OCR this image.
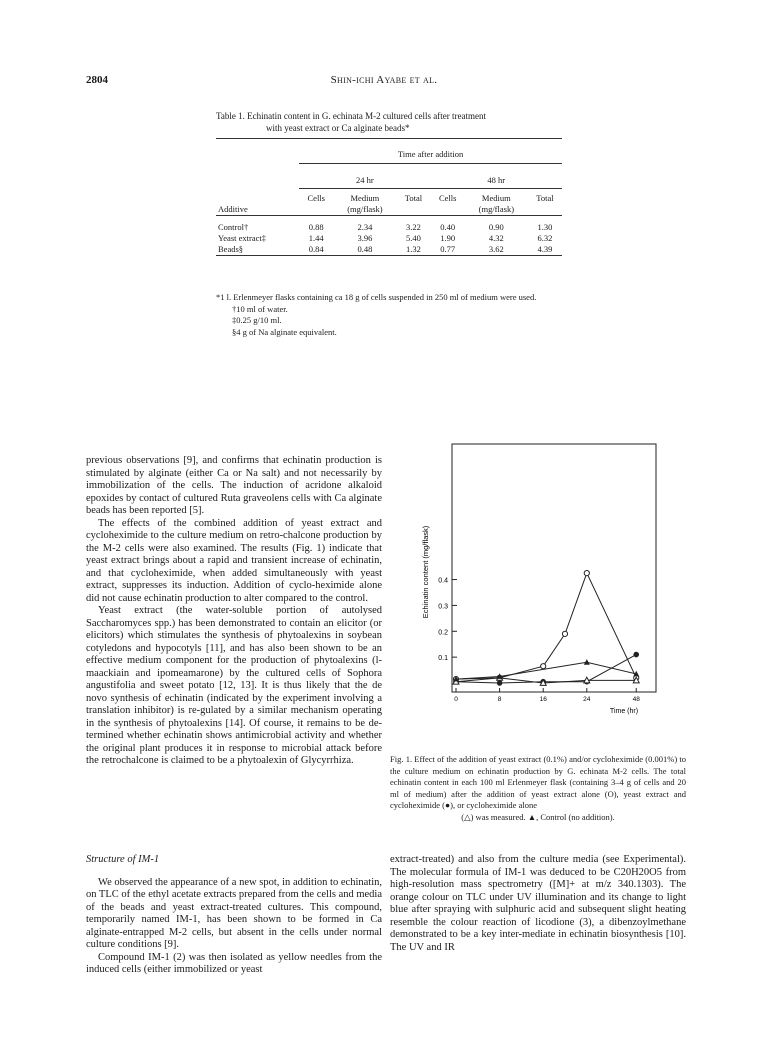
2804	Shin-ichi Ayabe et al.
Table 1. Echinatin content in G. echinata M-2 cultured cells after treatment
with yeast extract or Ca alginate beads*

	Time after addition					

	24 hr			48 hr		

	Cells	Medium	Total	Cells	Medium	Total
Additive		(mg/flask)			(mg/flask)	

Control†	0.88	2.34	3.22	0.40	0.90	1.30
Yeast extract‡	1.44	3.96	5.40	1.90	4.32	6.32
Beads§	0.84	0.48	1.32	0.77	3.62	4.39
*1 l. Erlenmeyer flasks containing ca 18 g of cells suspended in 250 ml of medium were used.
†10 ml of water.
‡0.25 g/10 ml.
§4 g of Na alginate equivalent.

previous observations [9], and confirms that echinatin production is stimulated by alginate (either Ca or Na salt) and not necessarily by immobilization of the cells. The induction of acridone alkaloid epoxides by contact of cultured Ruta graveolens cells with Ca alginate beads has been reported [5].

The effects of the combined addition of yeast extract and cycloheximide to the culture medium on retro-chalcone production by the M-2 cells were also examined. The results (Fig. 1) indicate that yeast extract brings about a rapid and transient increase of echinatin, and that cycloheximide, when added simultaneously with yeast extract, suppresses its induction. Addition of cyclo-heximide alone did not cause echinatin production to alter compared to the control.

Yeast extract (the water-soluble portion of autolysed Saccharomyces spp.) has been demonstrated to contain an elicitor (or elicitors) which stimulates the synthesis of phytoalexins in soybean cotyledons and hypocotyls [11], and has also been shown to be an effective medium component for the production of phytoalexins (l-maackiain and ipomeamarone) by the cultured cells of Sophora angustifolia and sweet potato [12, 13]. It is thus likely that the de novo synthesis of echinatin (indicated by the experiment involving a translation inhibitor) is re-gulated by a similar mechanism operating in the synthesis of phytoalexins [14]. Of course, it remains to be de-termined whether echinatin shows antimicrobial activity and whether the original plant produces it in response to microbial attack before the retrochalcone is claimed to be a phytoalexin of Glycyrrhiza.

0.1
0.2
0.3
0.4
0	8	16	24	48
Time (hr)
Echinatin content (mg/flask)
Fig. 1. Effect of the addition of yeast extract (0.1%) and/or cycloheximide (0.001%) to the culture medium on echinatin production by G. echinata M-2 cells. The total echinatin content in each 100 ml Erlenmeyer flask (containing 3–4 g of cells and 20 ml of medium) after the addition of yeast extract alone (O), yeast extract and cycloheximide (●), or cycloheximide alone
(△) was measured. ▲, Control (no addition).

Structure of IM-1

We observed the appearance of a new spot, in addition to echinatin, on TLC of the ethyl acetate extracts prepared from the cells and media of the beads and yeast extract-treated cultures. This compound, temporarily named IM-1, has been shown to be formed in Ca alginate-entrapped M-2 cells, but absent in the cells under normal culture conditions [9].

Compound IM-1 (2) was then isolated as yellow needles from the induced cells (either immobilized or yeast

extract-treated) and also from the culture media (see Experimental). The molecular formula of IM-1 was deduced to be C20H20O5 from high-resolution mass spectrometry ([M]+ at m/z 340.1303). The orange colour on TLC under UV illumination and its change to light blue after spraying with sulphuric acid and subsequent slight heating resemble the colour reaction of licodione (3), a dibenzoylmethane demonstrated to be a key inter-mediate in echinatin biosynthesis [10]. The UV and IR
